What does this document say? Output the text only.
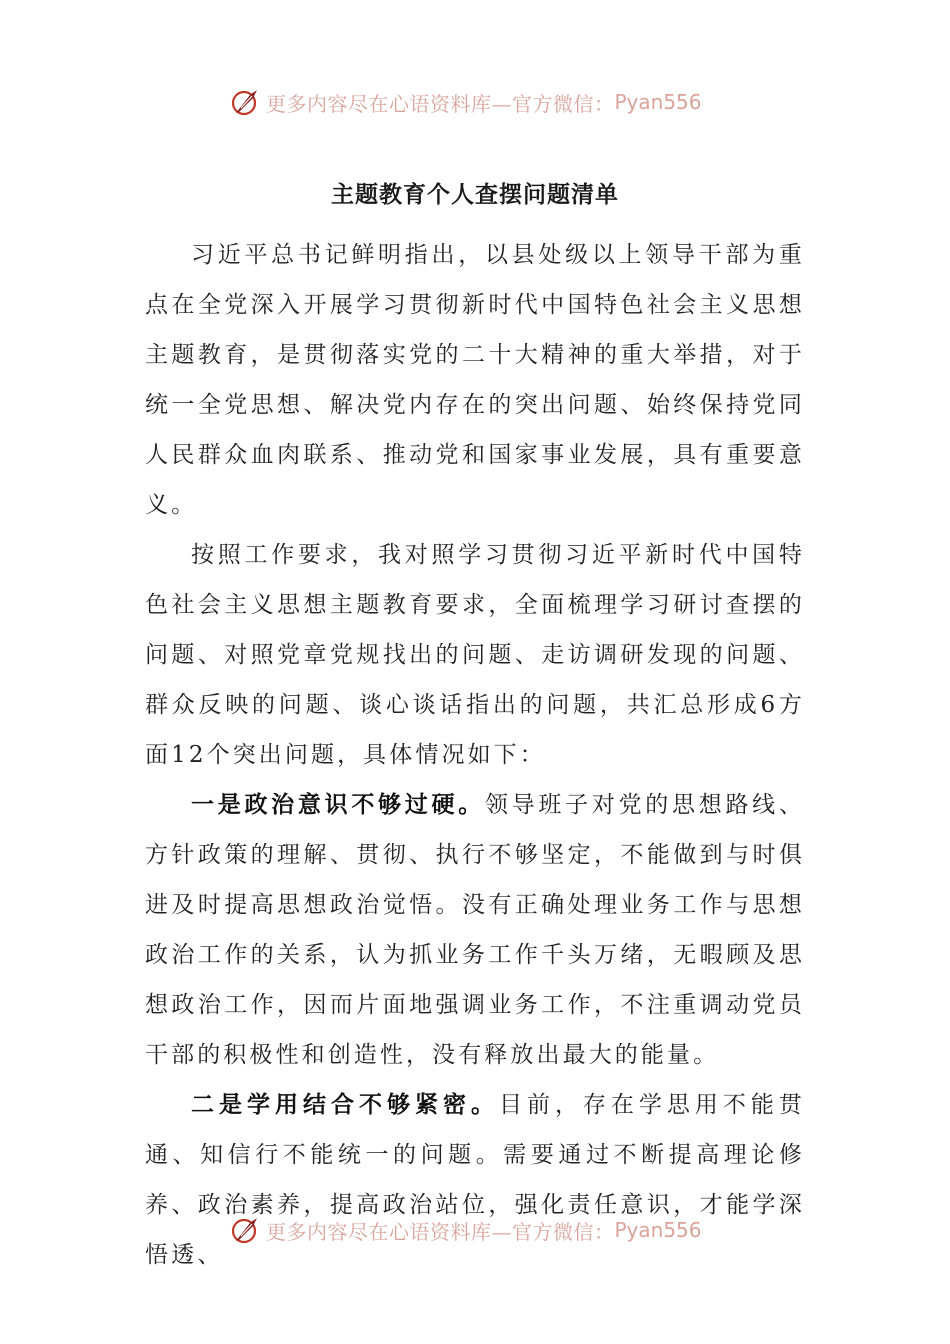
更多内容尽在心语资料库—官方微信： Pyan556
主题教育个人查摆问题清单

习近平总书记鲜明指出，以县处级以上领导干部为重点在全党深入开展学习贯彻新时代中国特色社会主义思想主题教育，是贯彻落实党的二十大精神的重大举措，对于统一全党思想、解决党内存在的突出问题、始终保持党同人民群众血肉联系、推动党和国家事业发展，具有重要意义。

按照工作要求，我对照学习贯彻习近平新时代中国特色社会主义思想主题教育要求，全面梳理学习研讨查摆的问题、对照党章党规找出的问题、走访调研发现的问题、群众反映的问题、谈心谈话指出的问题，共汇总形成6方面12个突出问题，具体情况如下：

一是政治意识不够过硬。领导班子对党的思想路线、方针政策的理解、贯彻、执行不够坚定，不能做到与时俱进及时提高思想政治觉悟。没有正确处理业务工作与思想政治工作的关系，认为抓业务工作千头万绪，无暇顾及思想政治工作，因而片面地强调业务工作，不注重调动党员干部的积极性和创造性，没有释放出最大的能量。

二是学用结合不够紧密。目前，存在学思用不能贯通、知信行不能统一的问题。需要通过不断提高理论修养、政治素养，提高政治站位，强化责任意识，才能学深悟透、

更多内容尽在心语资料库—官方微信： Pyan556
